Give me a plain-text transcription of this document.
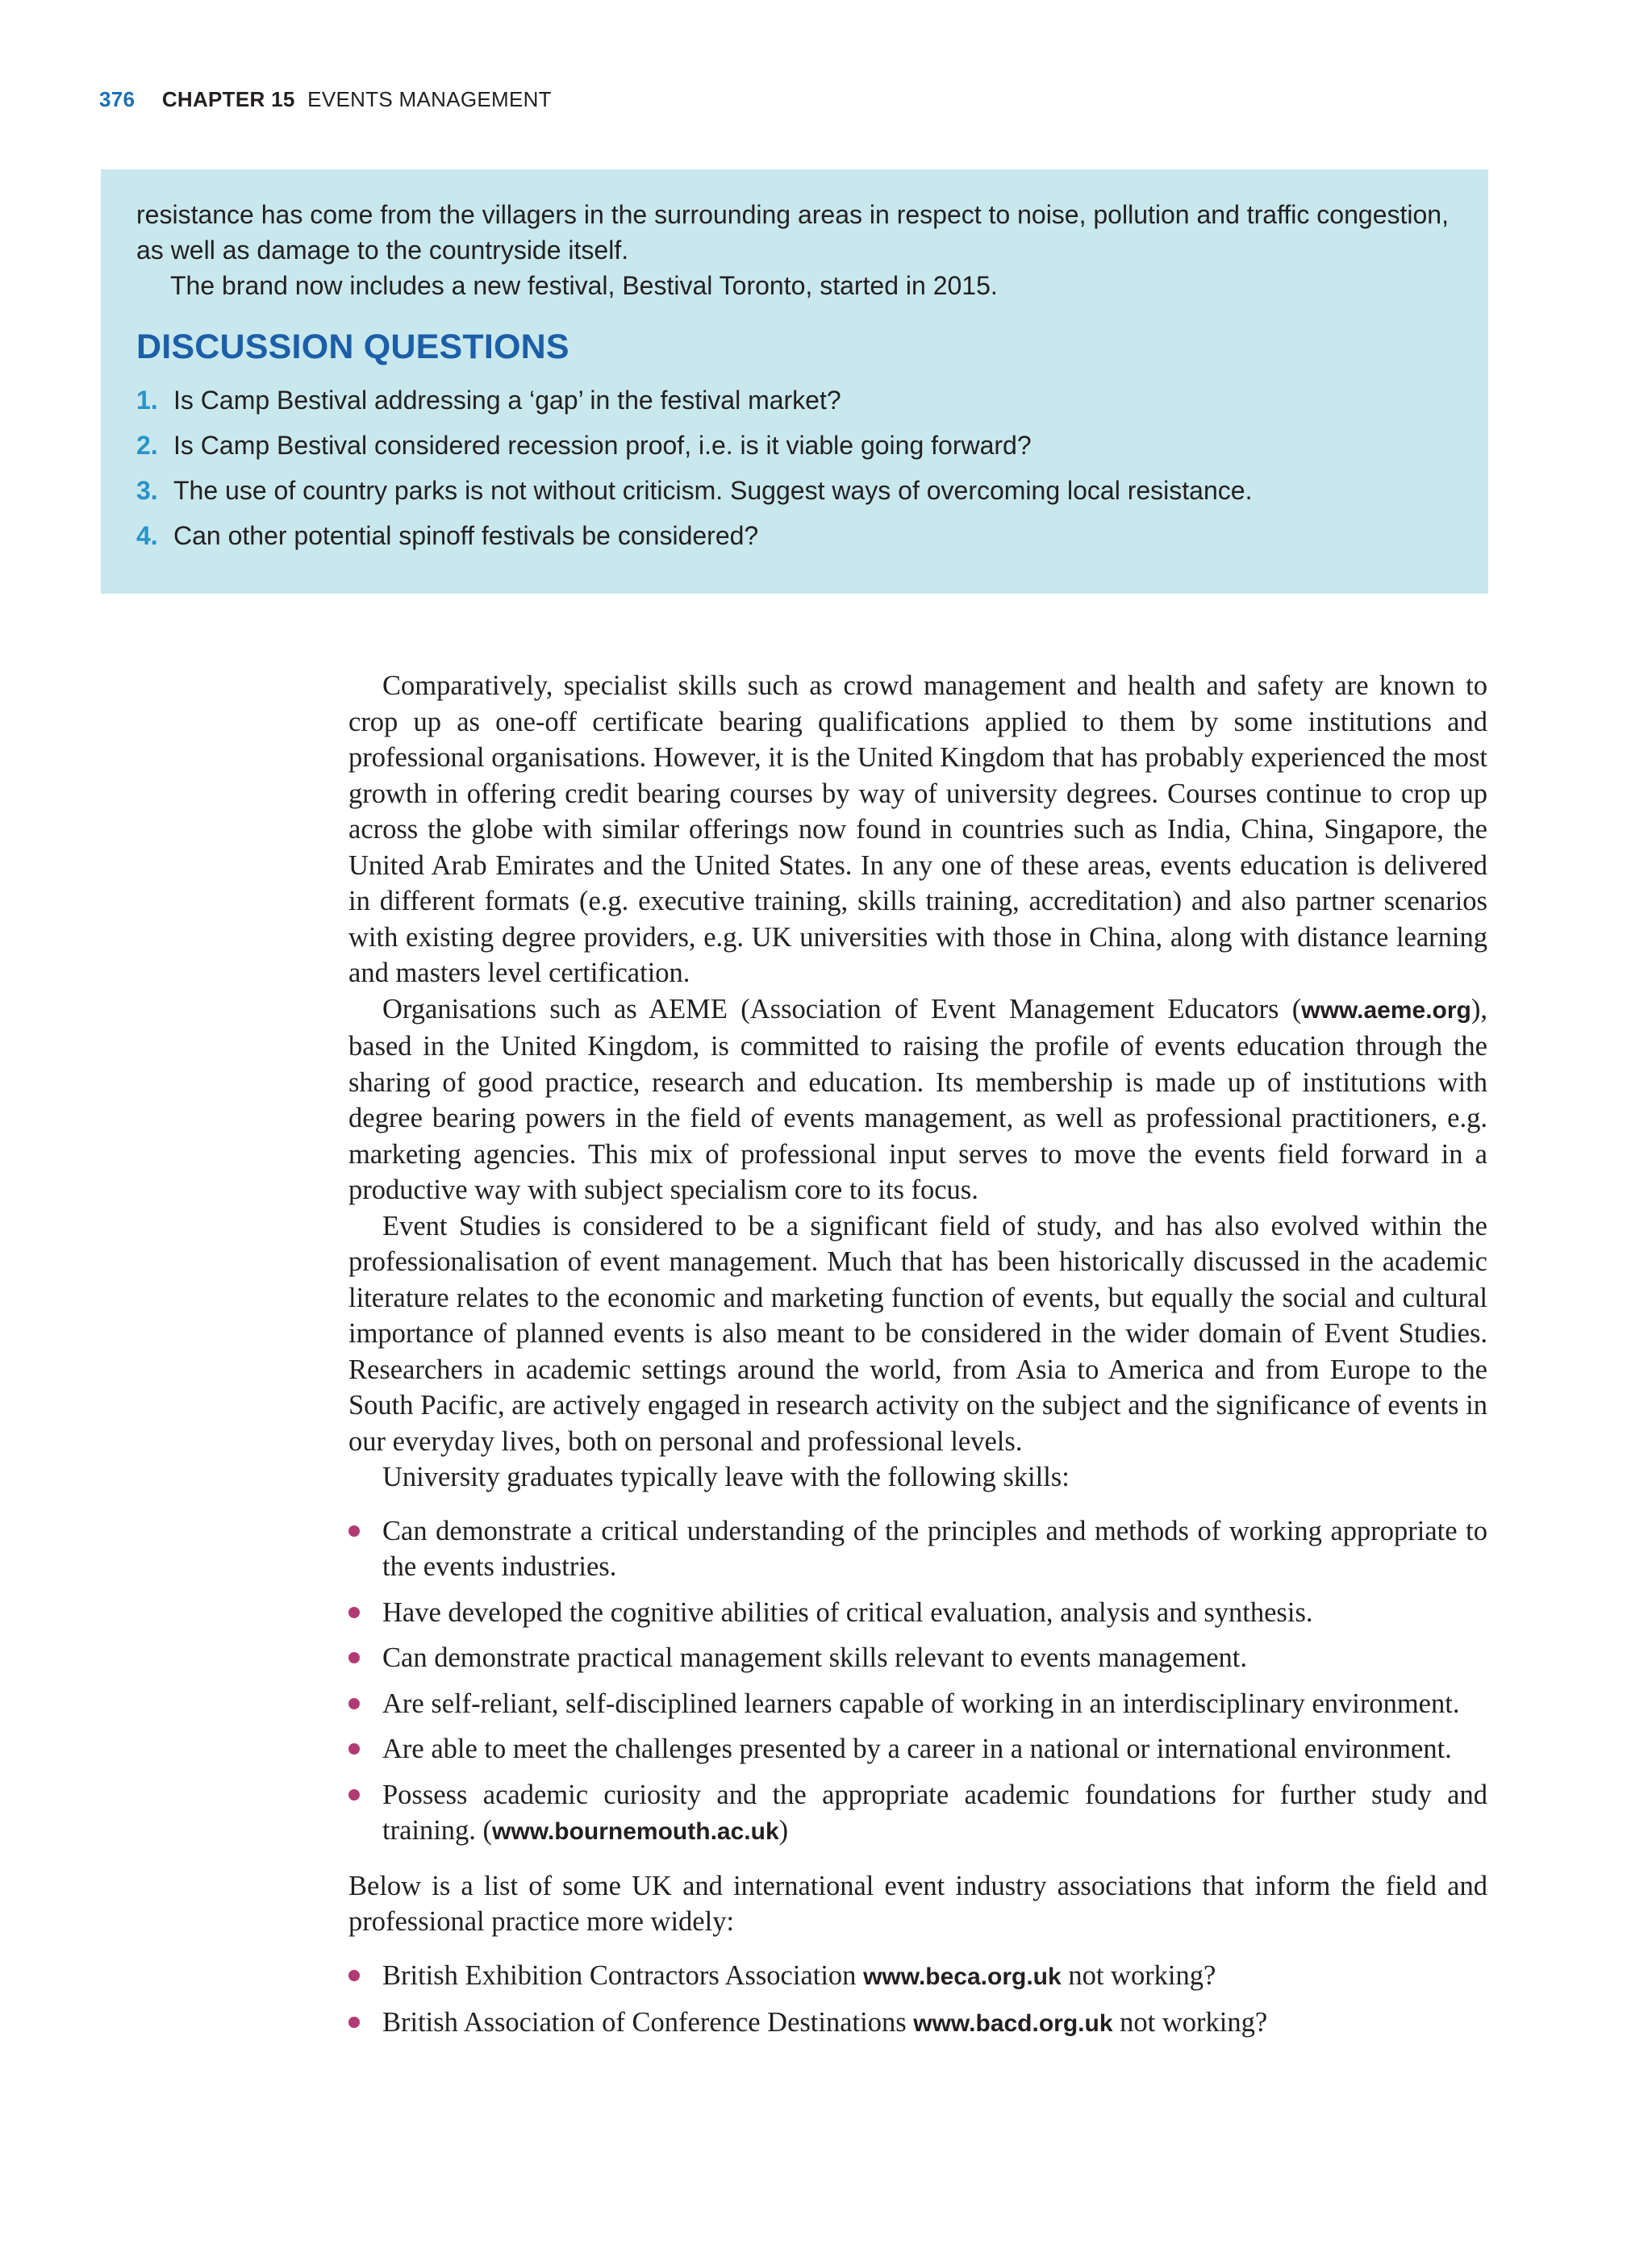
376 CHAPTER 15 EVENTS MANAGEMENT

resistance has come from the villagers in the surrounding areas in respect to noise, pollution and traffic congestion, as well as damage to the countryside itself.

The brand now includes a new festival, Bestival Toronto, started in 2015.

DISCUSSION QUESTIONS
1. Is Camp Bestival addressing a ‘gap’ in the festival market?
2. Is Camp Bestival considered recession proof, i.e. is it viable going forward?
3. The use of country parks is not without criticism. Suggest ways of overcoming local resistance.
4. Can other potential spinoff festivals be considered?

Comparatively, specialist skills such as crowd management and health and safety are known to crop up as one-off certificate bearing qualifications applied to them by some institutions and professional organisations. However, it is the United Kingdom that has probably experienced the most growth in offering credit bearing courses by way of university degrees. Courses continue to crop up across the globe with similar offerings now found in countries such as India, China, Singapore, the United Arab Emirates and the United States. In any one of these areas, events education is delivered in different formats (e.g. executive training, skills training, accreditation) and also partner scenarios with existing degree providers, e.g. UK universities with those in China, along with distance learning and masters level certification.

Organisations such as AEME (Association of Event Management Educators (www.aeme.org), based in the United Kingdom, is committed to raising the profile of events education through the sharing of good practice, research and education. Its membership is made up of institutions with degree bearing powers in the field of events management, as well as professional practitioners, e.g. marketing agencies. This mix of professional input serves to move the events field forward in a productive way with subject specialism core to its focus.

Event Studies is considered to be a significant field of study, and has also evolved within the professionalisation of event management. Much that has been historically discussed in the academic literature relates to the economic and marketing function of events, but equally the social and cultural importance of planned events is also meant to be considered in the wider domain of Event Studies. Researchers in academic settings around the world, from Asia to America and from Europe to the South Pacific, are actively engaged in research activity on the subject and the significance of events in our everyday lives, both on personal and professional levels.

University graduates typically leave with the following skills:

Can demonstrate a critical understanding of the principles and methods of working appropriate to the events industries.
Have developed the cognitive abilities of critical evaluation, analysis and synthesis.
Can demonstrate practical management skills relevant to events management.
Are self-reliant, self-disciplined learners capable of working in an interdisciplinary environment.
Are able to meet the challenges presented by a career in a national or international environment.
Possess academic curiosity and the appropriate academic foundations for further study and training. (www.bournemouth.ac.uk)

Below is a list of some UK and international event industry associations that inform the field and professional practice more widely:

British Exhibition Contractors Association www.beca.org.uk not working?
British Association of Conference Destinations www.bacd.org.uk not working?
